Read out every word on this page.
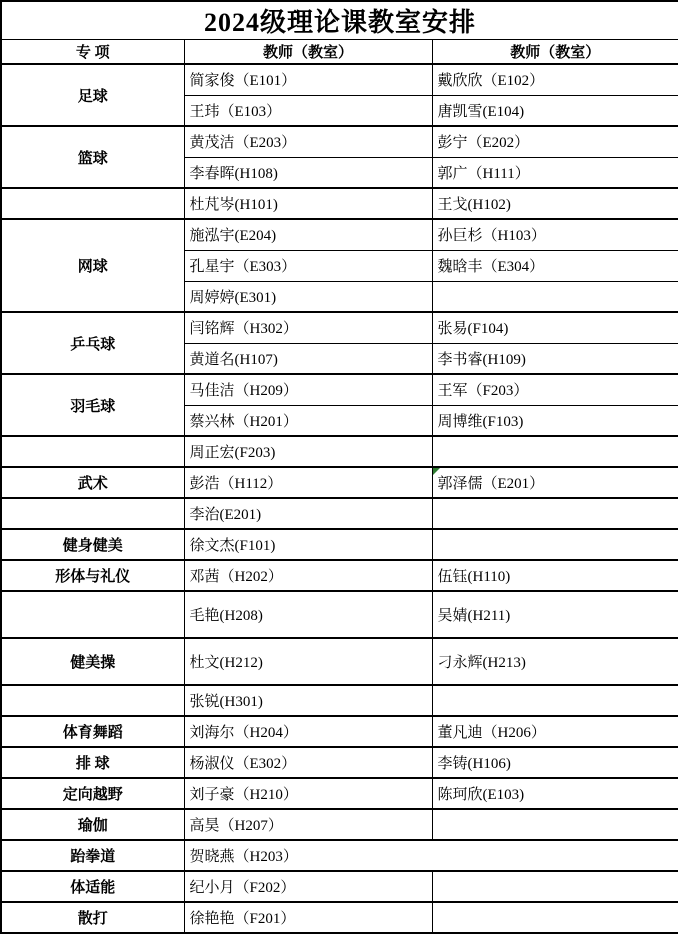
2024级理论课教室安排		
专 项	教师（教室）	教师（教室）
足球	简家俊（E101）	戴欣欣（E102）
	王玮（E103）	唐凯雪(E104)
篮球	黄茂洁（E203）	彭宁（E202）
	李春晖(H108)	郭广（H111）
	杜芃岑(H101)	王戈(H102)
网球	施泓宇(E204)	孙巨杉（H103）
	孔星宇（E303）	魏晗丰（E304）
	周婷婷(E301)	
乒乓球	闫铭辉（H302）	张易(F104)
	黄道名(H107)	李书睿(H109)
羽毛球	马佳洁（H209）	王军（F203）
	蔡兴林（H201）	周博维(F103)
	周正宏(F203)	
武术	彭浩（H112）	郭泽儒（E201）

	李治(E201)	
健身健美	徐文杰(F101)	
形体与礼仪	邓茜（H202）	伍钰(H110)
	毛艳(H208)	吴婧(H211)
健美操	杜文(H212)	刁永辉(H213)
	张锐(H301)	
体育舞蹈	刘海尔（H204）	董凡迪（H206）
排 球	杨淑仪（E302）	李铸(H106)
定向越野	刘子豪（H210）	陈珂欣(E103)
瑜伽	高昊（H207）	
跆拳道	贺晓燕（H203）	
体适能	纪小月（F202）	
散打	徐艳艳（F201）	
